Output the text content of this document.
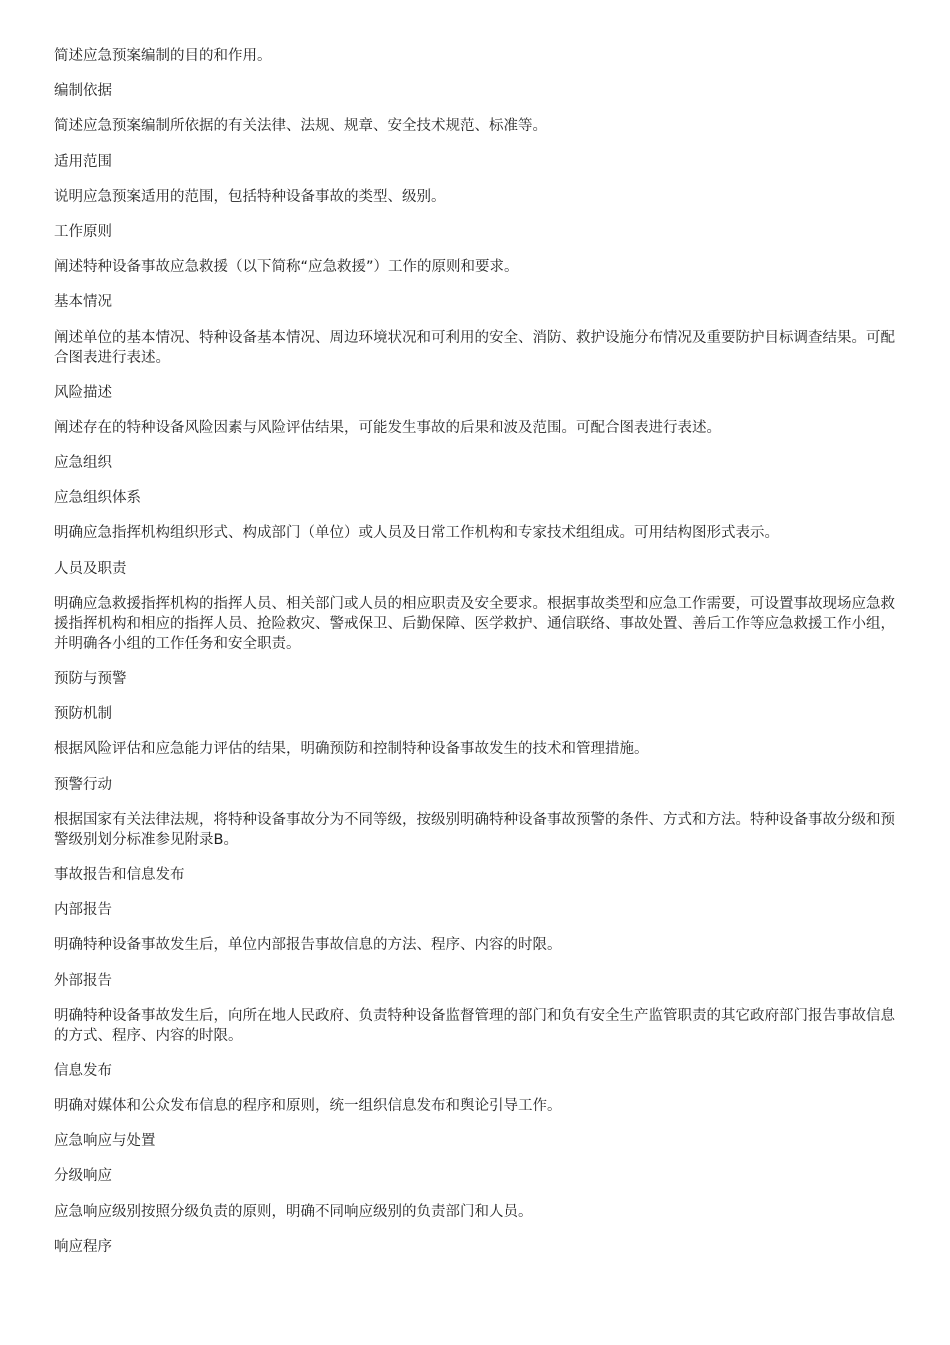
简述应急预案编制的目的和作用。

编制依据

简述应急预案编制所依据的有关法律、法规、规章、安全技术规范、标准等。

适用范围

说明应急预案适用的范围，包括特种设备事故的类型、级别。

工作原则

阐述特种设备事故应急救援（以下简称“应急救援”）工作的原则和要求。

基本情况

阐述单位的基本情况、特种设备基本情况、周边环境状况和可利用的安全、消防、救护设施分布情况及重要防护目标调查结果。可配合图表进行表述。

风险描述

阐述存在的特种设备风险因素与风险评估结果，可能发生事故的后果和波及范围。可配合图表进行表述。

应急组织

应急组织体系

明确应急指挥机构组织形式、构成部门（单位）或人员及日常工作机构和专家技术组组成。可用结构图形式表示。

人员及职责

明确应急救援指挥机构的指挥人员、相关部门或人员的相应职责及安全要求。根据事故类型和应急工作需要，可设置事故现场应急救援指挥机构和相应的指挥人员、抢险救灾、警戒保卫、后勤保障、医学救护、通信联络、事故处置、善后工作等应急救援工作小组，并明确各小组的工作任务和安全职责。

预防与预警

预防机制

根据风险评估和应急能力评估的结果，明确预防和控制特种设备事故发生的技术和管理措施。

预警行动

根据国家有关法律法规，将特种设备事故分为不同等级，按级别明确特种设备事故预警的条件、方式和方法。特种设备事故分级和预警级别划分标准参见附录B。

事故报告和信息发布

内部报告

明确特种设备事故发生后，单位内部报告事故信息的方法、程序、内容的时限。

外部报告

明确特种设备事故发生后，向所在地人民政府、负责特种设备监督管理的部门和负有安全生产监管职责的其它政府部门报告事故信息的方式、程序、内容的时限。

信息发布

明确对媒体和公众发布信息的程序和原则，统一组织信息发布和舆论引导工作。

应急响应与处置

分级响应

应急响应级别按照分级负责的原则，明确不同响应级别的负责部门和人员。

响应程序
